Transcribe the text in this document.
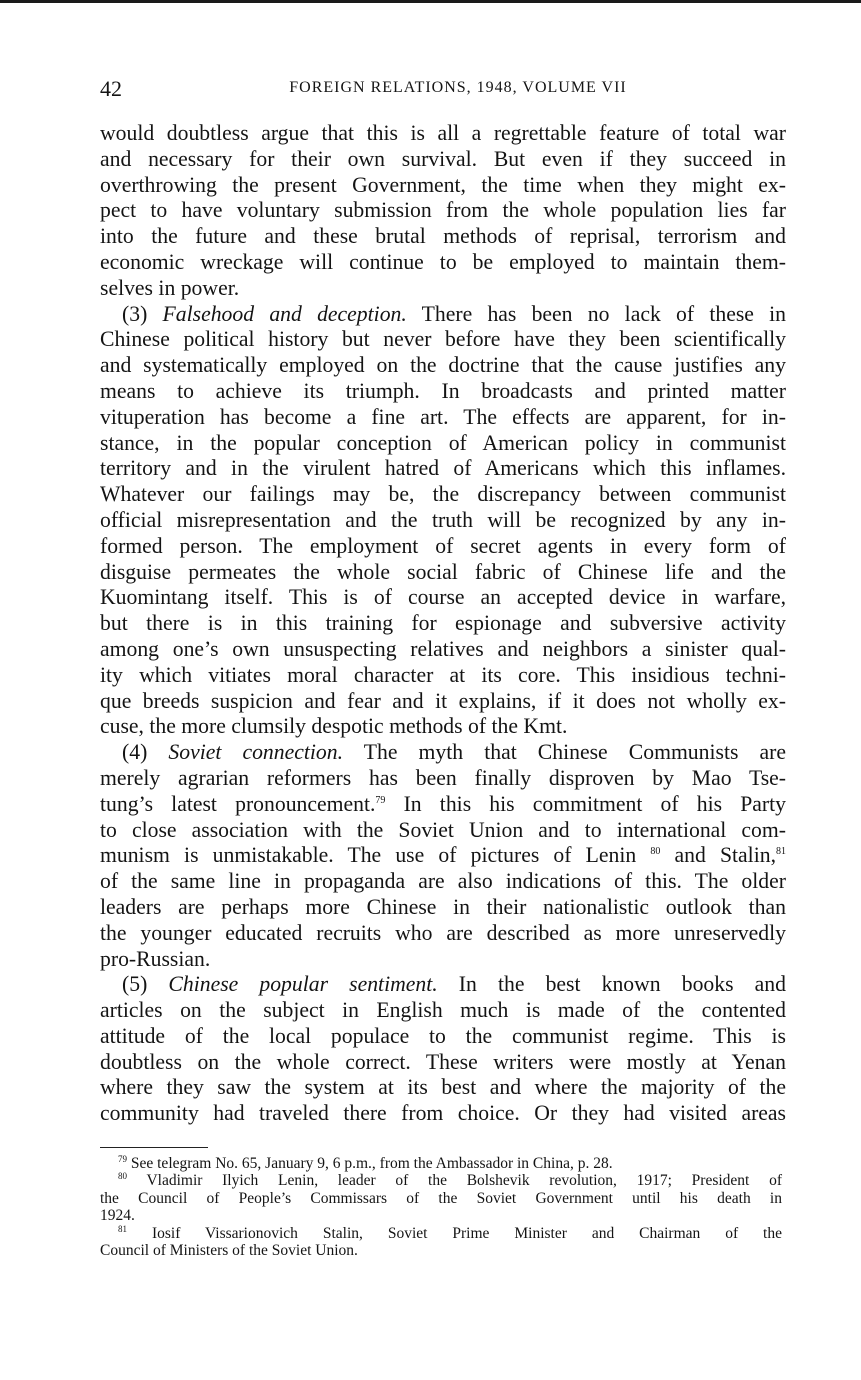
42	FOREIGN RELATIONS, 1948, VOLUME VII
would doubtless argue that this is all a regrettable feature of total war
and necessary for their own survival. But even if they succeed in
overthrowing the present Government, the time when they might ex-
pect to have voluntary submission from the whole population lies far
into the future and these brutal methods of reprisal, terrorism and
economic wreckage will continue to be employed to maintain them-
selves in power.
(3) Falsehood and deception. There has been no lack of these in
Chinese political history but never before have they been scientifically
and systematically employed on the doctrine that the cause justifies any
means to achieve its triumph. In broadcasts and printed matter
vituperation has become a fine art. The effects are apparent, for in-
stance, in the popular conception of American policy in communist
territory and in the virulent hatred of Americans which this inflames.
Whatever our failings may be, the discrepancy between communist
official misrepresentation and the truth will be recognized by any in-
formed person. The employment of secret agents in every form of
disguise permeates the whole social fabric of Chinese life and the
Kuomintang itself. This is of course an accepted device in warfare,
but there is in this training for espionage and subversive activity
among one’s own unsuspecting relatives and neighbors a sinister qual-
ity which vitiates moral character at its core. This insidious techni-
que breeds suspicion and fear and it explains, if it does not wholly ex-
cuse, the more clumsily despotic methods of the Kmt.
(4) Soviet connection. The myth that Chinese Communists are
merely agrarian reformers has been finally disproven by Mao Tse-
tung’s latest pronouncement.$^{79}$ In this his commitment of his Party
to close association with the Soviet Union and to international com-
munism is unmistakable. The use of pictures of Lenin $^{80}$ and Stalin,$^{81}$
of the same line in propaganda are also indications of this. The older
leaders are perhaps more Chinese in their nationalistic outlook than
the younger educated recruits who are described as more unreservedly
pro-Russian.
(5) Chinese popular sentiment. In the best known books and
articles on the subject in English much is made of the contented
attitude of the local populace to the communist regime. This is
doubtless on the whole correct. These writers were mostly at Yenan
where they saw the system at its best and where the majority of the
community had traveled there from choice. Or they had visited areas
$^{79}$ See telegram No. 65, January 9, 6 p.m., from the Ambassador in China, p. 28.
$^{80}$ Vladimir Ilyich Lenin, leader of the Bolshevik revolution, 1917; President of
the Council of People’s Commissars of the Soviet Government until his death in
1924.
$^{81}$ Iosif Vissarionovich Stalin, Soviet Prime Minister and Chairman of the
Council of Ministers of the Soviet Union.
